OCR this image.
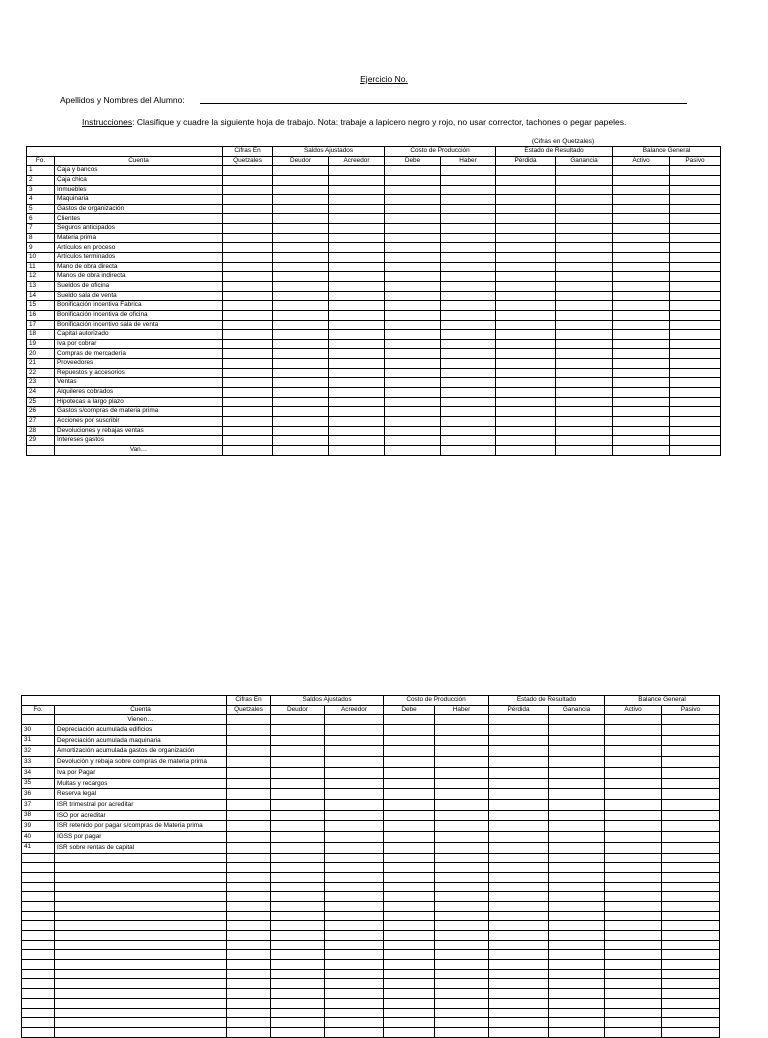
Ejercicio No.
Apellidos y Nombres del Alumno:
Instrucciones: Clasifique y cuadre la siguiente hoja de trabajo. Nota: trabaje a lapicero negro y rojo, no usar corrector, tachones o pegar papeles.
(Cifras en Quetzales)
		Cifras En	Saldos Ajustados		Costo de Producción		Estado de Resultado		Balance General	
Fo.	Cuenta	Quetzales	Deudor	Acreedor	Debe	Haber	Pérdida	Ganancia	Activo	Pasivo
1	Caja y bancos									
2	Caja chica									
3	Inmuebles									
4	Maquinaria									
5	Gastos de organización									
6	Clientes									
7	Seguros anticipados									
8	Materia prima									
9	Artículos en proceso									
10	Artículos terminados									
11	Mano de obra directa									
12	Manos de obra indirecta									
13	Sueldos de oficina									
14	Sueldo sala de venta									
15	Bonificación incentiva Fabrica									
16	Bonificación incentiva de oficina									
17	Bonificación incentivo sala de venta									
18	Capital autorizado									
19	Iva por cobrar									
20	Compras de mercadería									
21	Proveedores									
22	Repuestos y accesorios									
23	Ventas									
24	Alquileres cobrados									
25	Hipotecas a largo plazo									
26	Gastos s/compras de materia prima									
27	Acciones por suscribir									
28	Devoluciones y rebajas ventas									
29	Intereses gastos									
	Van…									
		Cifras En	Saldos Ajustados		Costo de Producción		Estado de Resultado		Balance General	
Fo.	Cuenta	Quetzales	Deudor	Acreedor	Debe	Haber	Pérdida	Ganancia	Activo	Pasivo
	Vienen…									
30	Depreciación acumulada edificios									
31	Depreciación acumulada maquinaria									
32	Amortización acumulada gastos de organización									
33	Devolución y rebaja sobre compras de materia prima									
34	Iva por Pagar									
35	Multas y recargos									
36	Reserva legal									
37	ISR trimestral por acreditar									
38	ISO por acreditar									
39	ISR retenido por pagar s/compras de Materia prima									
40	IGSS por pagar									
41	ISR sobre rentas de capital									
